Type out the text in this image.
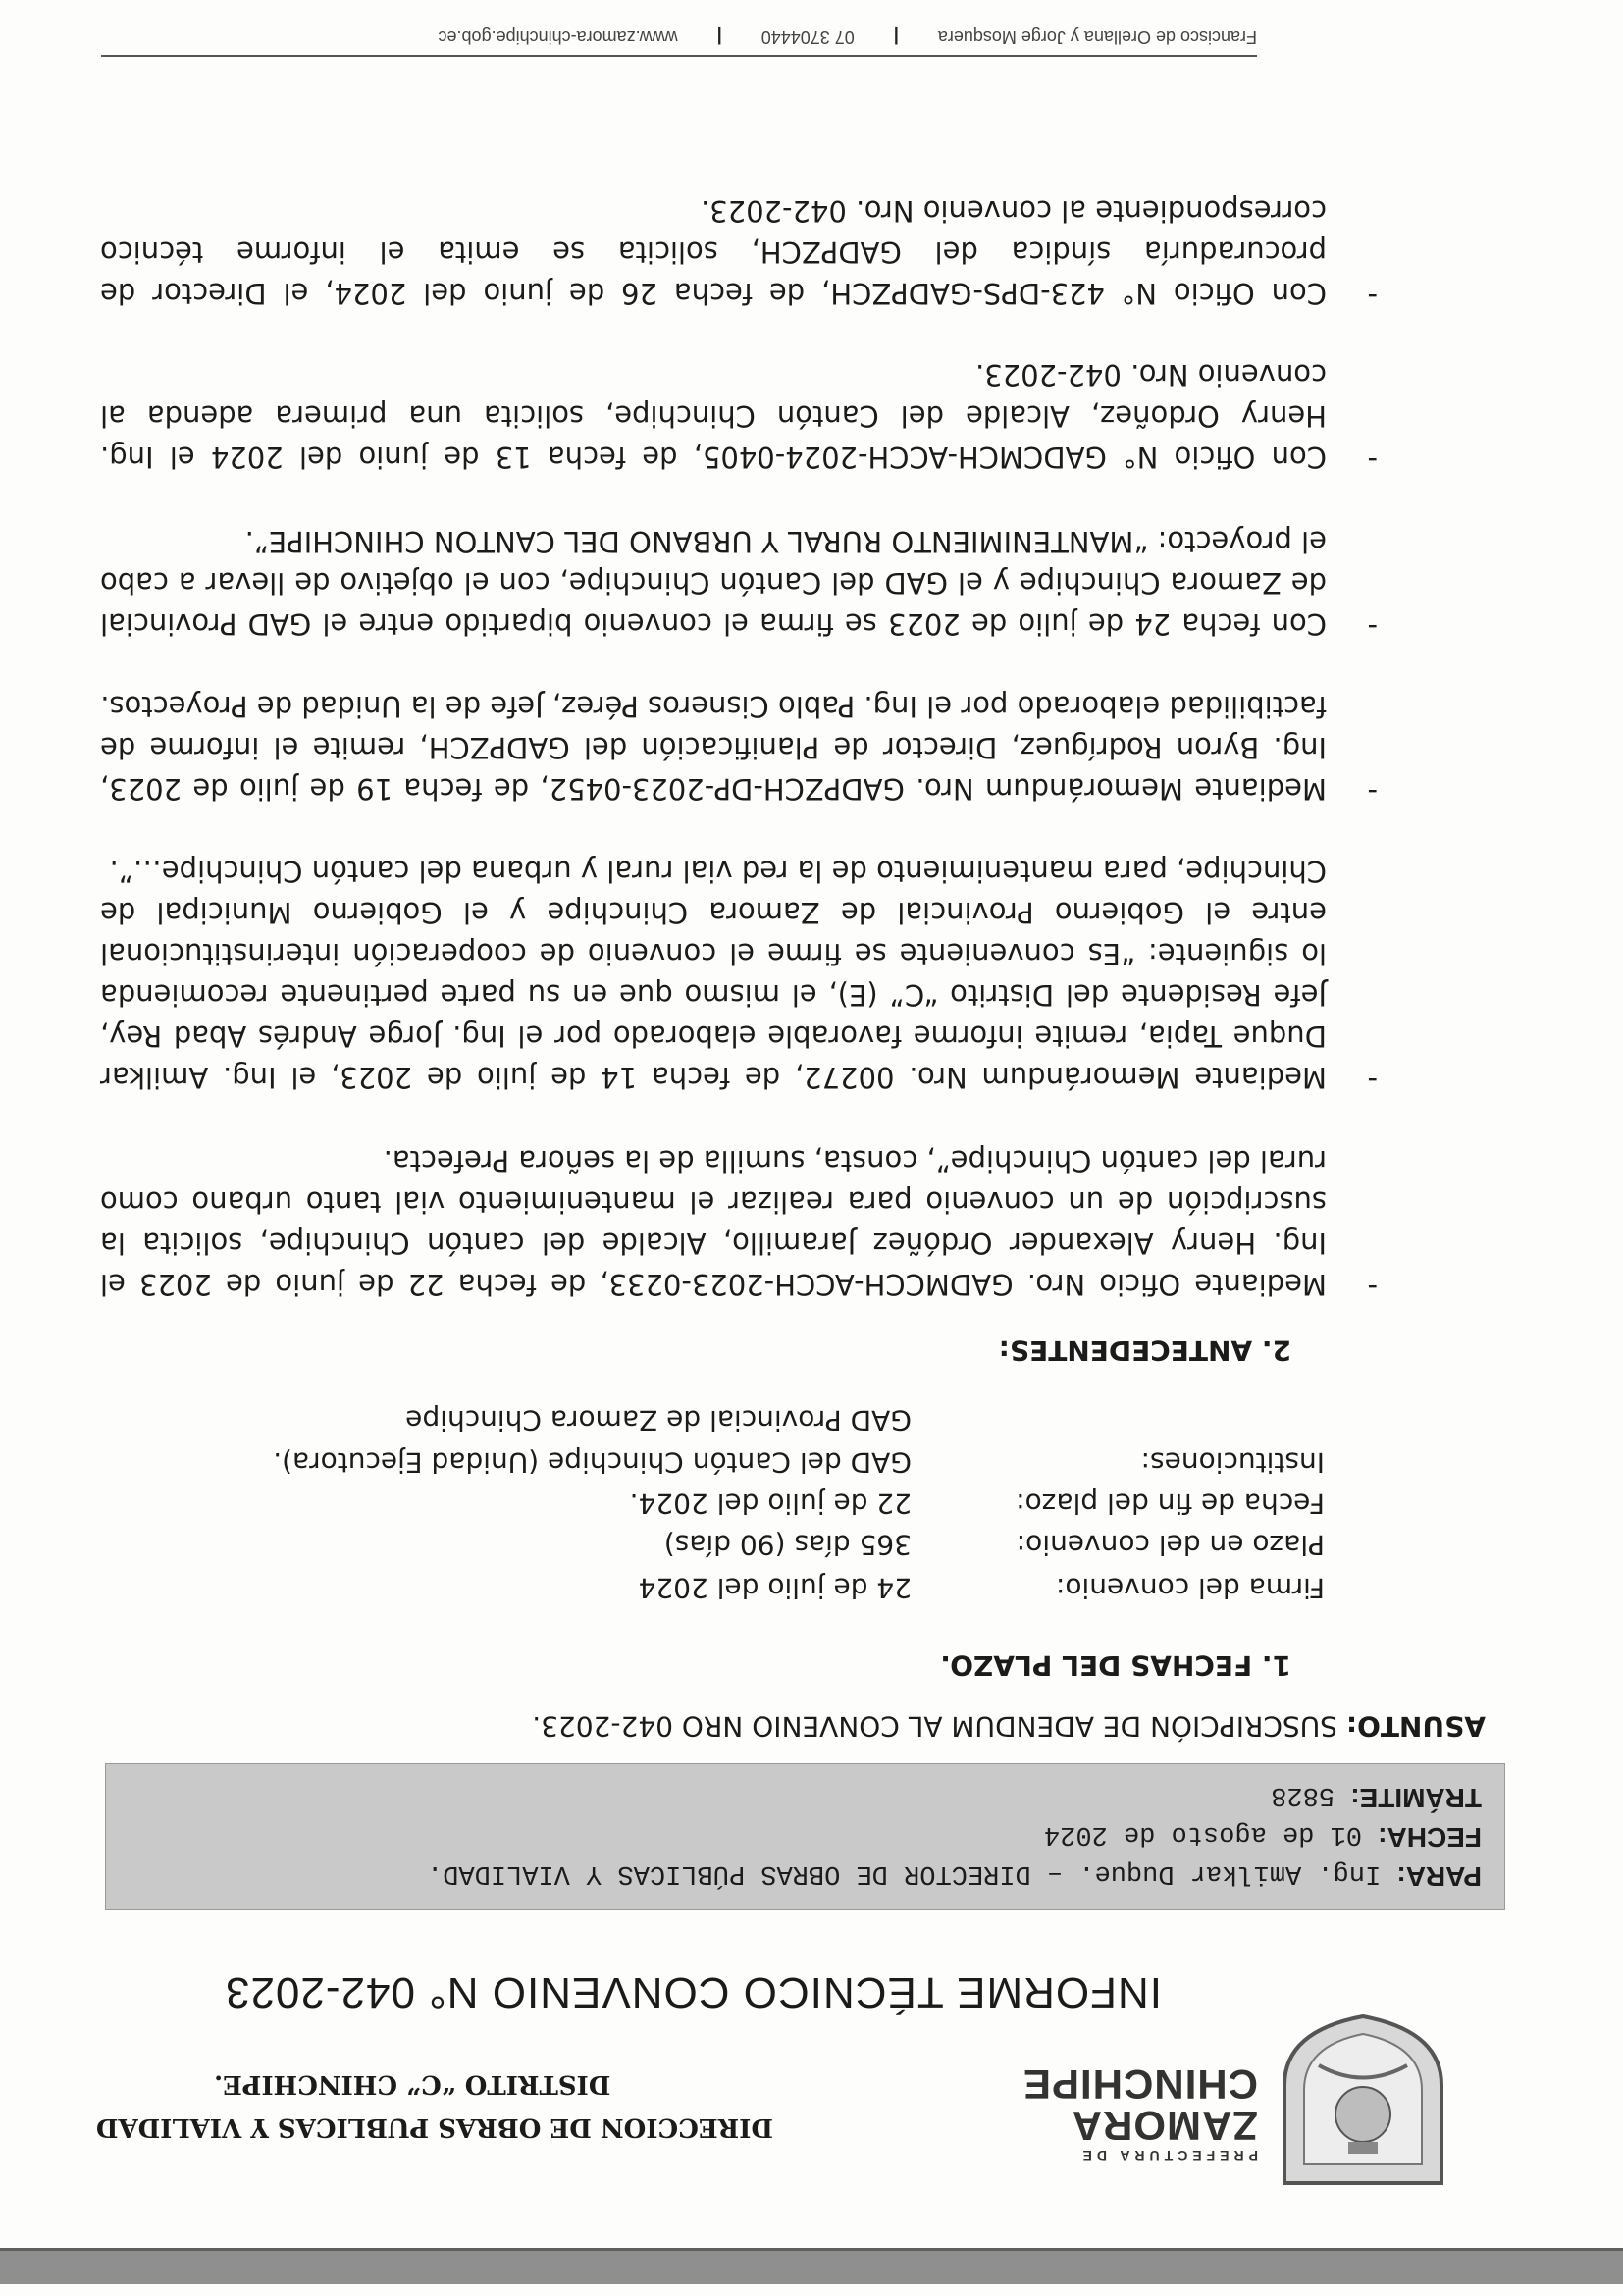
PREFECTURA DE
ZAMORA
CHINCHIPE
DIRECCION DE OBRAS PUBLICAS Y VIALIDAD
DISTRITO “C” CHINCHIPE.
INFORME TÉCNICO CONVENIO N° 042-2023
PARA: Ing. Amilkar Duque. – DIRECTOR DE OBRAS PÚBLICAS Y VIALIDAD.
FECHA: 01 de agosto de 2024
TRÁMITE: 5828
ASUNTO: SUSCRIPCIÓN DE ADENDUM AL CONVENIO NRO 042-2023.
1. FECHAS DEL PLAZO.
Firma del convenio:
24 de julio del 2024
Plazo en del convenio:
365 días (90 días)
Fecha de fin del plazo:
22 de julio del 2024.
Instituciones:
GAD del Cantón Chinchipe (Unidad Ejecutora).
GAD Provincial de Zamora Chinchipe
2. ANTECEDENTES:
-
Mediante Oficio Nro. GADMCCH-ACCH-2023-0233, de fecha 22 de junio de 2023 el Ing. Henry Alexander Ordóñez Jaramillo, Alcalde del cantón Chinchipe, solicita la suscripción de un convenio para realizar el mantenimiento vial tanto urbano como rural del cantón Chinchipe”, consta, sumilla de la señora Prefecta.
-
Mediante Memorándum Nro. 00272, de fecha 14 de julio de 2023, el Ing. Amilkar Duque Tapia, remite informe favorable elaborado por el Ing. Jorge Andrés Abad Rey, Jefe Residente del Distrito “C” (E), el mismo que en su parte pertinente recomienda lo siguiente: “Es conveniente se firme el convenio de cooperación interinstitucional entre el Gobierno Provincial de Zamora Chinchipe y el Gobierno Municipal de Chinchipe, para mantenimiento de la red vial rural y urbana del cantón Chinchipe…”.
-
Mediante Memorándum Nro. GADPZCH-DP-2023-0452, de fecha 19 de julio de 2023, Ing. Byron Rodríguez, Director de Planificación del GADPZCH, remite el informe de factibilidad elaborado por el Ing. Pablo Cisneros Pérez, Jefe de la Unidad de Proyectos.
-
Con fecha 24 de julio de 2023 se firma el convenio bipartido entre el GAD Provincial de Zamora Chinchipe y el GAD del Cantón Chinchipe, con el objetivo de llevar a cabo el proyecto: “MANTENIMIENTO RURAL Y URBANO DEL CANTON CHINCHIPE”.
-
Con Oficio N° GADCMCH-ACCH-2024-0405, de fecha 13 de junio del 2024 el Ing. Henry Ordoñez, Alcalde del Cantón Chinchipe, solicita una primera adenda al convenio Nro. 042-2023.
-
Con Oficio N° 423-DPS-GADPZCH, de fecha 26 de junio del 2024, el Director de procuraduría síndica del GADPZCH, solicita se emita el informe técnico correspondiente al convenio Nro. 042-2023.
Francisco de Orellana y Jorge Mosquera
|
07 3704440
|
www.zamora-chinchipe.gob.ec
